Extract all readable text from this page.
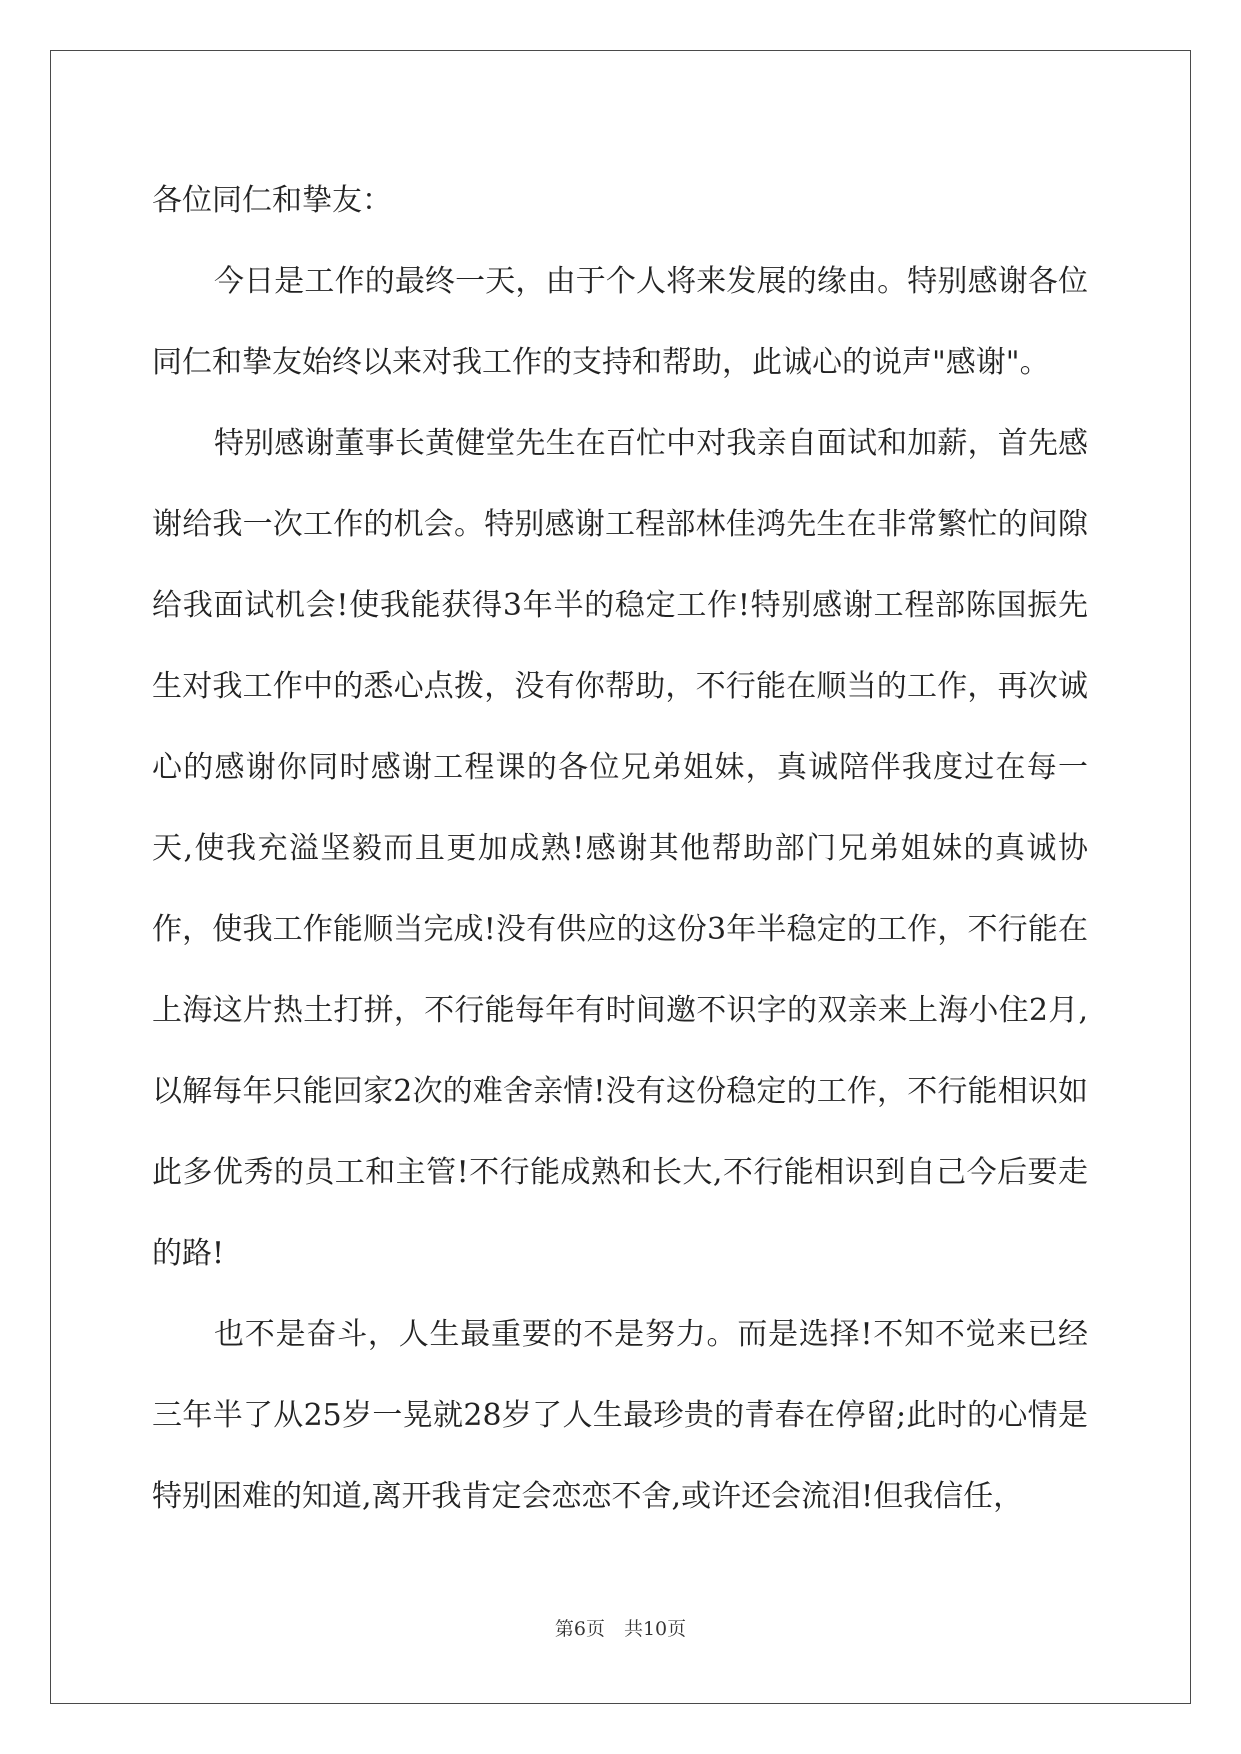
各位同仁和挚友：

今日是工作的最终一天，由于个人将来发展的缘由。特别感谢各位同仁和挚友始终以来对我工作的支持和帮助，此诚心的说声"感谢"。

特别感谢董事长黄健堂先生在百忙中对我亲自面试和加薪，首先感谢给我一次工作的机会。特别感谢工程部林佳鸿先生在非常繁忙的间隙给我面试机会!使我能获得3年半的稳定工作!特别感谢工程部陈国振先生对我工作中的悉心点拨，没有你帮助，不行能在顺当的工作，再次诚心的感谢你同时感谢工程课的各位兄弟姐妹，真诚陪伴我度过在每一天,使我充溢坚毅而且更加成熟!感谢其他帮助部门兄弟姐妹的真诚协作，使我工作能顺当完成!没有供应的这份3年半稳定的工作，不行能在上海这片热土打拼，不行能每年有时间邀不识字的双亲来上海小住2月,以解每年只能回家2次的难舍亲情!没有这份稳定的工作，不行能相识如此多优秀的员工和主管!不行能成熟和长大,不行能相识到自己今后要走的路!

也不是奋斗，人生最重要的不是努力。而是选择!不知不觉来已经三年半了从25岁一晃就28岁了人生最珍贵的青春在停留;此时的心情是特别困难的知道,离开我肯定会恋恋不舍,或许还会流泪!但我信任，

第6页　共10页
